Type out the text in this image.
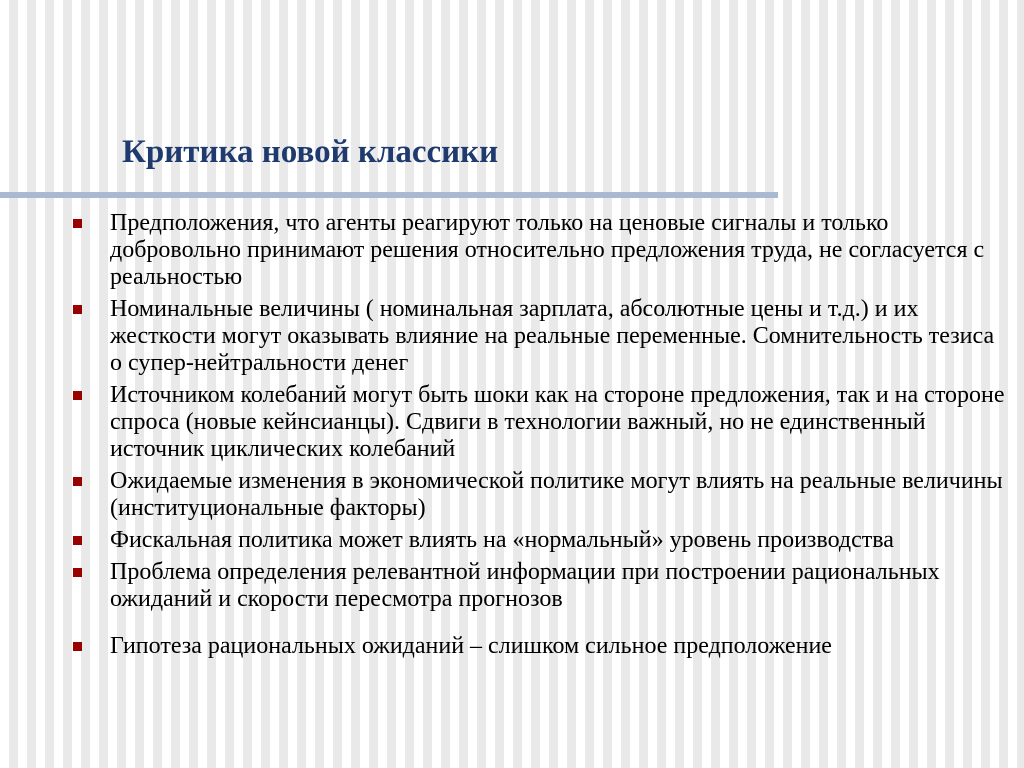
Критика новой классики
Предположения, что агенты реагируют только на ценовые сигналы и только добровольно принимают решения относительно предложения труда, не согласуется с реальностью
Номинальные величины ( номинальная зарплата, абсолютные цены и т.д.) и их жесткости могут оказывать влияние на реальные переменные. Сомнительность тезиса о супер-нейтральности денег
Источником колебаний могут быть шоки как на стороне предложения, так и на стороне спроса (новые кейнсианцы). Сдвиги в технологии важный, но не единственный источник циклических колебаний
Ожидаемые изменения в экономической политике могут влиять на реальные величины (институциональные факторы)
Фискальная политика может влиять на «нормальный» уровень производства
Проблема определения релевантной информации при построении рациональных ожиданий и скорости пересмотра прогнозов
Гипотеза рациональных ожиданий – слишком сильное предположение
